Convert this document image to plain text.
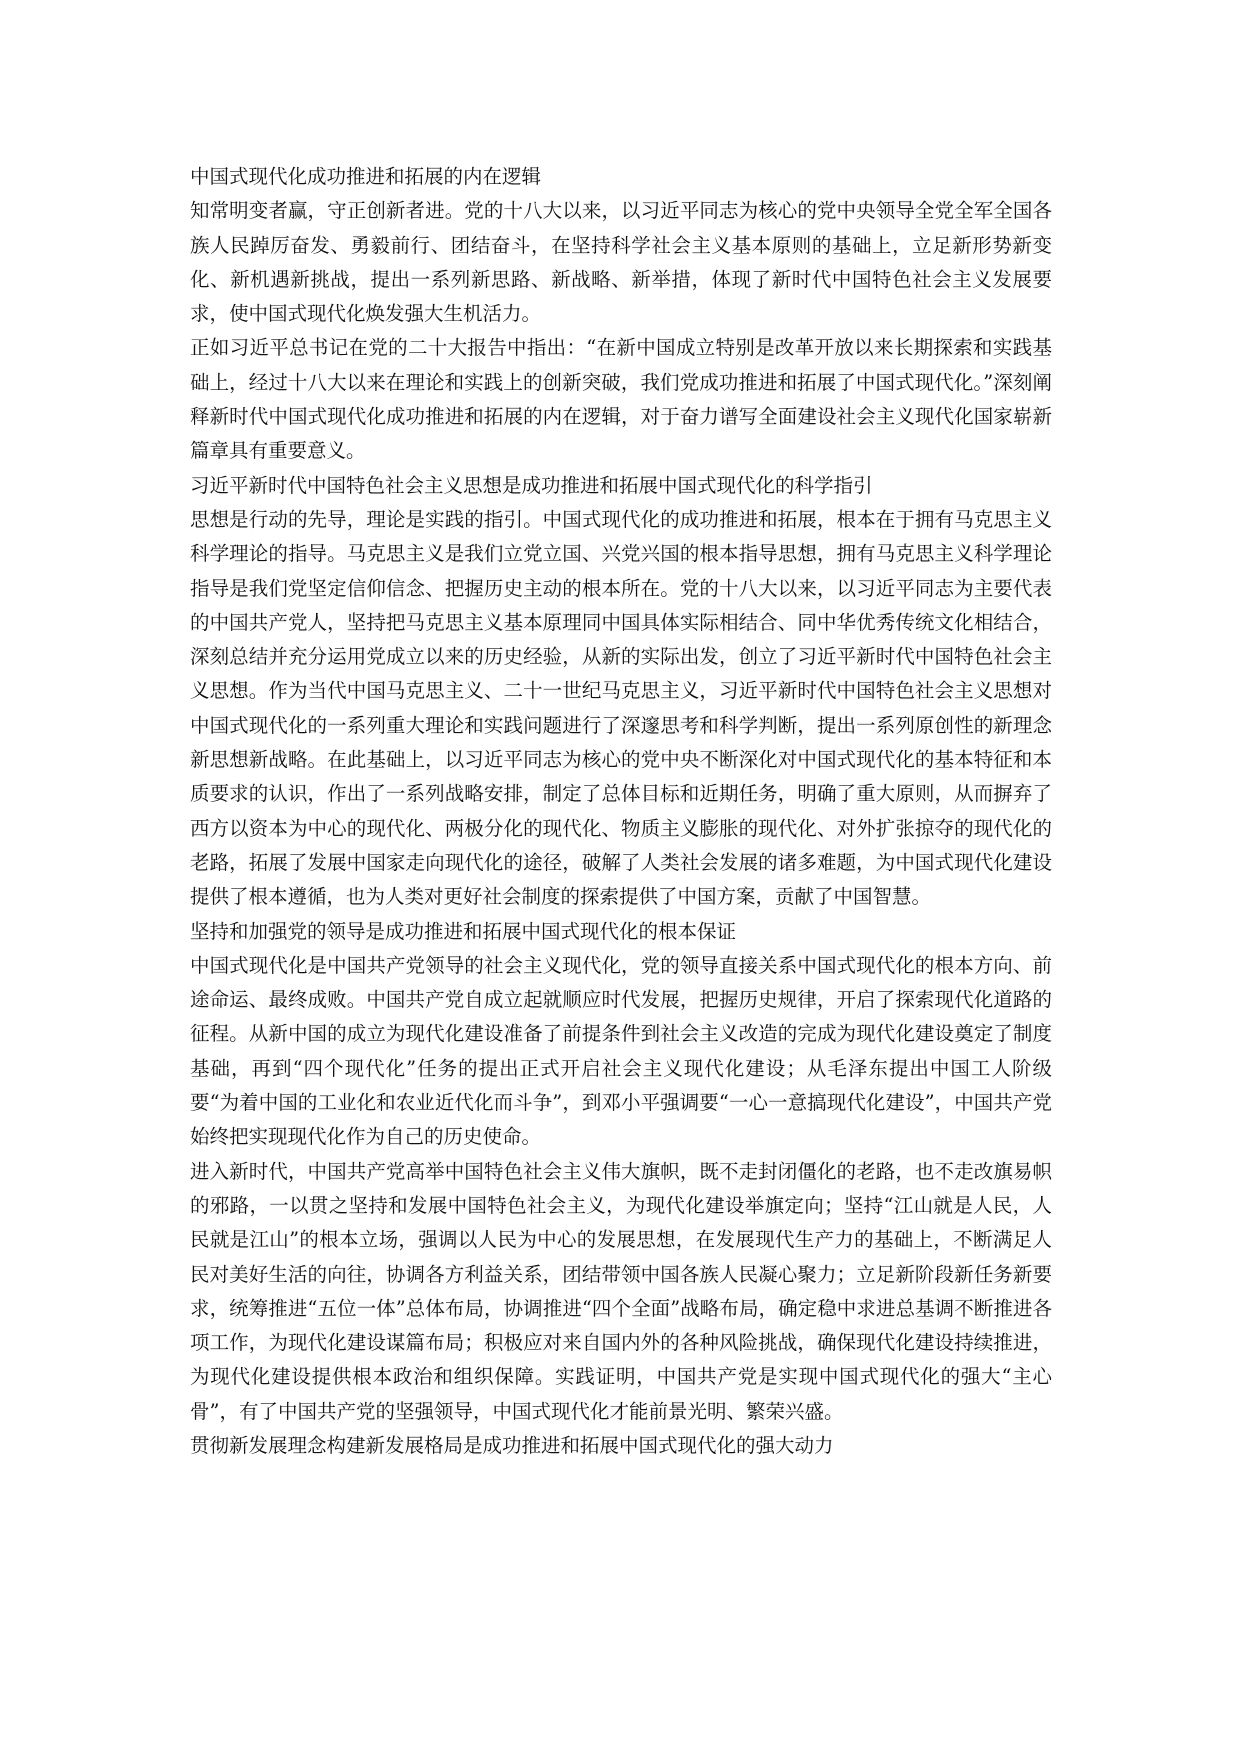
中国式现代化成功推进和拓展的内在逻辑

知常明变者赢，守正创新者进。党的十八大以来，以习近平同志为核心的党中央领导全党全军全国各族人民踔厉奋发、勇毅前行、团结奋斗，在坚持科学社会主义基本原则的基础上，立足新形势新变化、新机遇新挑战，提出一系列新思路、新战略、新举措，体现了新时代中国特色社会主义发展要求，使中国式现代化焕发强大生机活力。

正如习近平总书记在党的二十大报告中指出：“在新中国成立特别是改革开放以来长期探索和实践基础上，经过十八大以来在理论和实践上的创新突破，我们党成功推进和拓展了中国式现代化。”深刻阐释新时代中国式现代化成功推进和拓展的内在逻辑，对于奋力谱写全面建设社会主义现代化国家崭新篇章具有重要意义。

习近平新时代中国特色社会主义思想是成功推进和拓展中国式现代化的科学指引

思想是行动的先导，理论是实践的指引。中国式现代化的成功推进和拓展，根本在于拥有马克思主义科学理论的指导。马克思主义是我们立党立国、兴党兴国的根本指导思想，拥有马克思主义科学理论指导是我们党坚定信仰信念、把握历史主动的根本所在。党的十八大以来，以习近平同志为主要代表的中国共产党人，坚持把马克思主义基本原理同中国具体实际相结合、同中华优秀传统文化相结合，深刻总结并充分运用党成立以来的历史经验，从新的实际出发，创立了习近平新时代中国特色社会主义思想。作为当代中国马克思主义、二十一世纪马克思主义，习近平新时代中国特色社会主义思想对中国式现代化的一系列重大理论和实践问题进行了深邃思考和科学判断，提出一系列原创性的新理念新思想新战略。在此基础上，以习近平同志为核心的党中央不断深化对中国式现代化的基本特征和本质要求的认识，作出了一系列战略安排，制定了总体目标和近期任务，明确了重大原则，从而摒弃了西方以资本为中心的现代化、两极分化的现代化、物质主义膨胀的现代化、对外扩张掠夺的现代化的老路，拓展了发展中国家走向现代化的途径，破解了人类社会发展的诸多难题，为中国式现代化建设提供了根本遵循，也为人类对更好社会制度的探索提供了中国方案，贡献了中国智慧。

坚持和加强党的领导是成功推进和拓展中国式现代化的根本保证

中国式现代化是中国共产党领导的社会主义现代化，党的领导直接关系中国式现代化的根本方向、前途命运、最终成败。中国共产党自成立起就顺应时代发展，把握历史规律，开启了探索现代化道路的征程。从新中国的成立为现代化建设准备了前提条件到社会主义改造的完成为现代化建设奠定了制度基础，再到“四个现代化”任务的提出正式开启社会主义现代化建设；从毛泽东提出中国工人阶级要“为着中国的工业化和农业近代化而斗争”，到邓小平强调要“一心一意搞现代化建设”，中国共产党始终把实现现代化作为自己的历史使命。

进入新时代，中国共产党高举中国特色社会主义伟大旗帜，既不走封闭僵化的老路，也不走改旗易帜的邪路，一以贯之坚持和发展中国特色社会主义，为现代化建设举旗定向；坚持“江山就是人民，人民就是江山”的根本立场，强调以人民为中心的发展思想，在发展现代生产力的基础上，不断满足人民对美好生活的向往，协调各方利益关系，团结带领中国各族人民凝心聚力；立足新阶段新任务新要求，统筹推进“五位一体”总体布局，协调推进“四个全面”战略布局，确定稳中求进总基调不断推进各项工作，为现代化建设谋篇布局；积极应对来自国内外的各种风险挑战，确保现代化建设持续推进，为现代化建设提供根本政治和组织保障。实践证明，中国共产党是实现中国式现代化的强大“主心骨”，有了中国共产党的坚强领导，中国式现代化才能前景光明、繁荣兴盛。

贯彻新发展理念构建新发展格局是成功推进和拓展中国式现代化的强大动力
